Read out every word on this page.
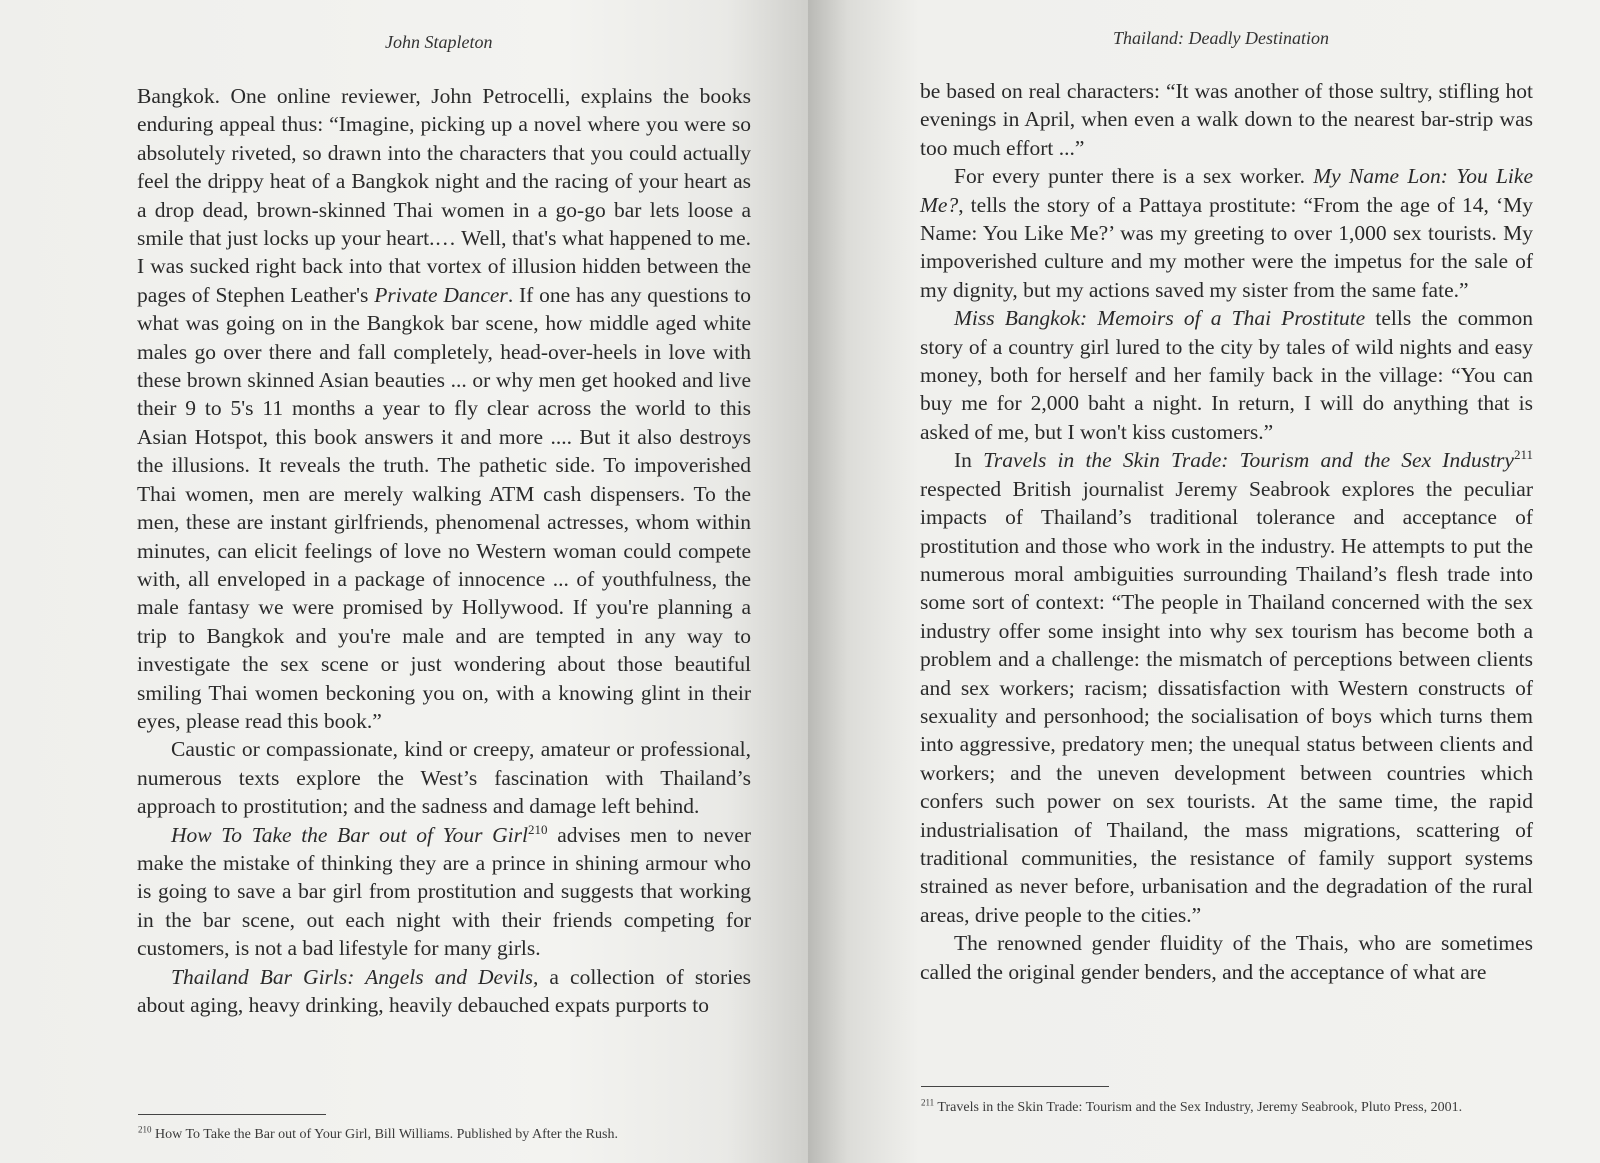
John Stapleton

Bangkok. One online reviewer, John Petrocelli, explains the books enduring appeal thus: “Imagine, picking up a novel where you were so absolutely riveted, so drawn into the characters that you could actually feel the drippy heat of a Bangkok night and the racing of your heart as a drop dead, brown-skinned Thai women in a go-go bar lets loose a smile that just locks up your heart.… Well, that's what happened to me. I was sucked right back into that vortex of illusion hidden between the pages of Stephen Leather's Private Dancer. If one has any questions to what was going on in the Bangkok bar scene, how middle aged white males go over there and fall completely, head-over-heels in love with these brown skinned Asian beauties ... or why men get hooked and live their 9 to 5's 11 months a year to fly clear across the world to this Asian Hotspot, this book answers it and more .... But it also destroys the illusions. It reveals the truth. The pathetic side. To impoverished Thai women, men are merely walking ATM cash dispensers. To the men, these are instant girlfriends, phenomenal actresses, whom within minutes, can elicit feelings of love no Western woman could compete with, all enveloped in a package of innocence ... of youthfulness, the male fantasy we were promised by Hollywood. If you're planning a trip to Bangkok and you're male and are tempted in any way to investigate the sex scene or just wondering about those beautiful smiling Thai women beckoning you on, with a knowing glint in their eyes, please read this book.”

Caustic or compassionate, kind or creepy, amateur or professional, numerous texts explore the West’s fascination with Thailand’s approach to prostitution; and the sadness and damage left behind.

How To Take the Bar out of Your Girl$^{210}$ advises men to never make the mistake of thinking they are a prince in shining armour who is going to save a bar girl from prostitution and suggests that working in the bar scene, out each night with their friends competing for customers, is not a bad lifestyle for many girls.

Thailand Bar Girls: Angels and Devils, a collection of stories about aging, heavy drinking, heavily debauched expats purports to

$^{210}$ How To Take the Bar out of Your Girl, Bill Williams. Published by After the Rush.
Thailand: Deadly Destination

be based on real characters: “It was another of those sultry, stifling hot evenings in April, when even a walk down to the nearest bar-strip was too much effort ...”

For every punter there is a sex worker. My Name Lon: You Like Me?, tells the story of a Pattaya prostitute: “From the age of 14, ‘My Name: You Like Me?’ was my greeting to over 1,000 sex tourists. My impoverished culture and my mother were the impetus for the sale of my dignity, but my actions saved my sister from the same fate.”

Miss Bangkok: Memoirs of a Thai Prostitute tells the common story of a country girl lured to the city by tales of wild nights and easy money, both for herself and her family back in the village: “You can buy me for 2,000 baht a night. In return, I will do anything that is asked of me, but I won't kiss customers.”

In Travels in the Skin Trade: Tourism and the Sex Industry$^{211}$ respected British journalist Jeremy Seabrook explores the peculiar impacts of Thailand’s traditional tolerance and acceptance of prostitution and those who work in the industry. He attempts to put the numerous moral ambiguities surrounding Thailand’s flesh trade into some sort of context: “The people in Thailand concerned with the sex industry offer some insight into why sex tourism has become both a problem and a challenge: the mismatch of perceptions between clients and sex workers; racism; dissatisfaction with Western constructs of sexuality and personhood; the socialisation of boys which turns them into aggressive, predatory men; the unequal status between clients and workers; and the uneven development between countries which confers such power on sex tourists. At the same time, the rapid industrialisation of Thailand, the mass migrations, scattering of traditional communities, the resistance of family support systems strained as never before, urbanisation and the degradation of the rural areas, drive people to the cities.”

The renowned gender fluidity of the Thais, who are sometimes called the original gender benders, and the acceptance of what are

$^{211}$ Travels in the Skin Trade: Tourism and the Sex Industry, Jeremy Seabrook, Pluto Press, 2001.
